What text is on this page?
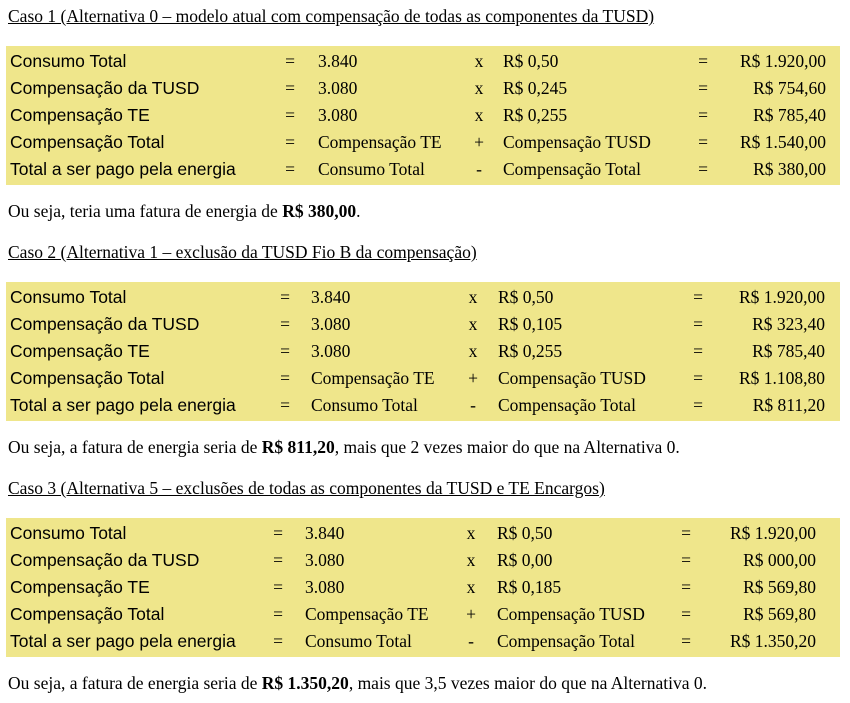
Caso 1 (Alternativa 0 – modelo atual com compensação de todas as componentes da TUSD)
Consumo Total	= 3.840	x R$ 0,50	= R$ 1.920,00
Compensação da TUSD	= 3.080	x R$ 0,245	=	R$ 754,60
Compensação TE	= 3.080	x R$ 0,255	=	R$ 785,40
Compensação Total	= Compensação TE + Compensação TUSD	= R$ 1.540,00
Total a ser pago pela energia	= Consumo Total	- Compensação Total	=	R$ 380,00
Ou seja, teria uma fatura de energia de R$ 380,00.
Caso 2 (Alternativa 1 – exclusão da TUSD Fio B da compensação)
Consumo Total	= 3.840	x R$ 0,50	= R$ 1.920,00
Compensação da TUSD	= 3.080	x R$ 0,105	=	R$ 323,40
Compensação TE	= 3.080	x R$ 0,255	=	R$ 785,40
Compensação Total	= Compensação TE + Compensação TUSD	= R$ 1.108,80
Total a ser pago pela energia	= Consumo Total	- Compensação Total	=	R$ 811,20
Ou seja, a fatura de energia seria de R$ 811,20, mais que 2 vezes maior do que na Alternativa 0.
Caso 3 (Alternativa 5 – exclusões de todas as componentes da TUSD e TE Encargos)
Consumo Total	= 3.840	x R$ 0,50	= R$ 1.920,00
Compensação da TUSD	= 3.080	x R$ 0,00	=	R$ 000,00
Compensação TE	= 3.080	x R$ 0,185	=	R$ 569,80
Compensação Total	= Compensação TE + Compensação TUSD =	R$ 569,80
Total a ser pago pela energia = Consumo Total	- Compensação Total	= R$ 1.350,20
Ou seja, a fatura de energia seria de R$ 1.350,20, mais que 3,5 vezes maior do que na Alternativa 0.
